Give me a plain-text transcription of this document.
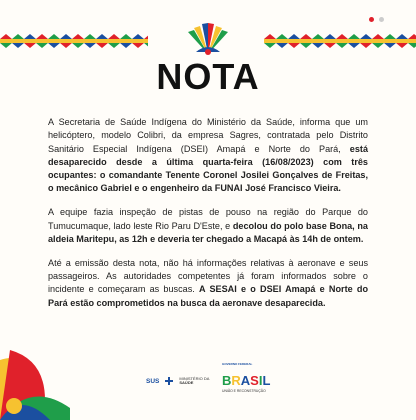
NOTA

A Secretaria de Saúde Indígena do Ministério da Saúde, informa que um helicóptero, modelo Colibri, da empresa Sagres, contratada pelo Distrito Sanitário Especial Indígena (DSEI) Amapá e Norte do Pará, está desaparecido desde a última quarta-feira (16/08/2023) com três ocupantes: o comandante Tenente Coronel Josilei Gonçalves de Freitas, o mecânico Gabriel e o engenheiro da FUNAI José Francisco Vieira.

A equipe fazia inspeção de pistas de pouso na região do Parque do Tumucumaque, lado leste Rio Paru D'Este, e decolou do polo base Bona, na aldeia Maritepu, as 12h e deveria ter chegado a Macapá às 14h de ontem.

Até a emissão desta nota, não há informações relativas à aeronave e seus passageiros. As autoridades competentes já foram informados sobre o incidente e começaram as buscas. A SESAI e o DSEI Amapá e Norte do Pará estão comprometidos na busca da aeronave desaparecida.

SUS	MINISTÉRIO DA
SAÚDE
GOVERNO FEDERAL
BRASIL
UNIÃO E RECONSTRUÇÃO
